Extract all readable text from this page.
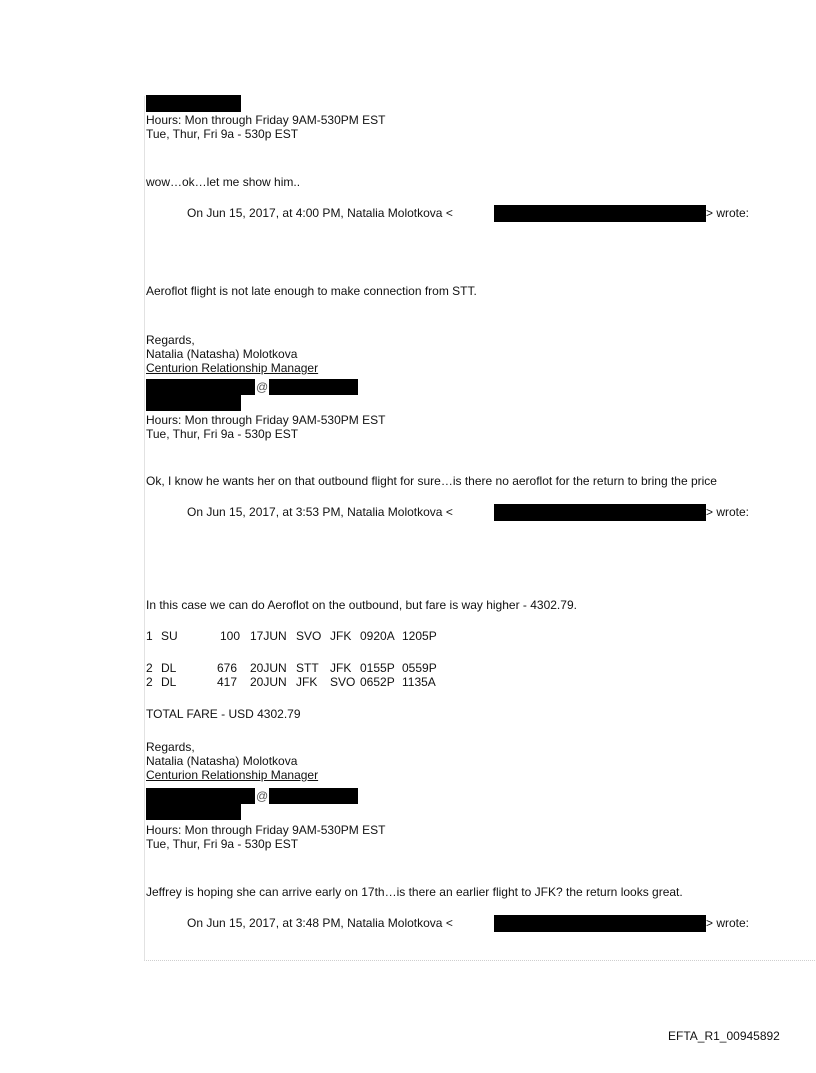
Hours: Mon through Friday 9AM-530PM EST
Tue, Thur, Fri 9a - 530p EST
wow…ok…let me show him..
On Jun 15, 2017, at 4:00 PM, Natalia Molotkova <	> wrote:
Aeroflot flight is not late enough to make connection from STT.
Regards,
Natalia (Natasha) Molotkova
Centurion Relationship Manager
@
Hours: Mon through Friday 9AM-530PM EST
Tue, Thur, Fri 9a - 530p EST
Ok, I know he wants her on that outbound flight for sure…is there no aeroflot for the return to bring the price
On Jun 15, 2017, at 3:53 PM, Natalia Molotkova <	> wrote:
In this case we can do Aeroflot on the outbound, but fare is way higher - 4302.79.
1 SU	100 17JUN SVO JFK 0920A 1205P
2 DL	676 20JUN STT JFK 0155P 0559P
2 DL	417 20JUN JFK SVO 0652P 1135A
TOTAL FARE - USD 4302.79
Regards,
Natalia (Natasha) Molotkova
Centurion Relationship Manager
@
Hours: Mon through Friday 9AM-530PM EST
Tue, Thur, Fri 9a - 530p EST
Jeffrey is hoping she can arrive early on 17th…is there an earlier flight to JFK? the return looks great.
On Jun 15, 2017, at 3:48 PM, Natalia Molotkova <	> wrote:
EFTA_R1_00945892
